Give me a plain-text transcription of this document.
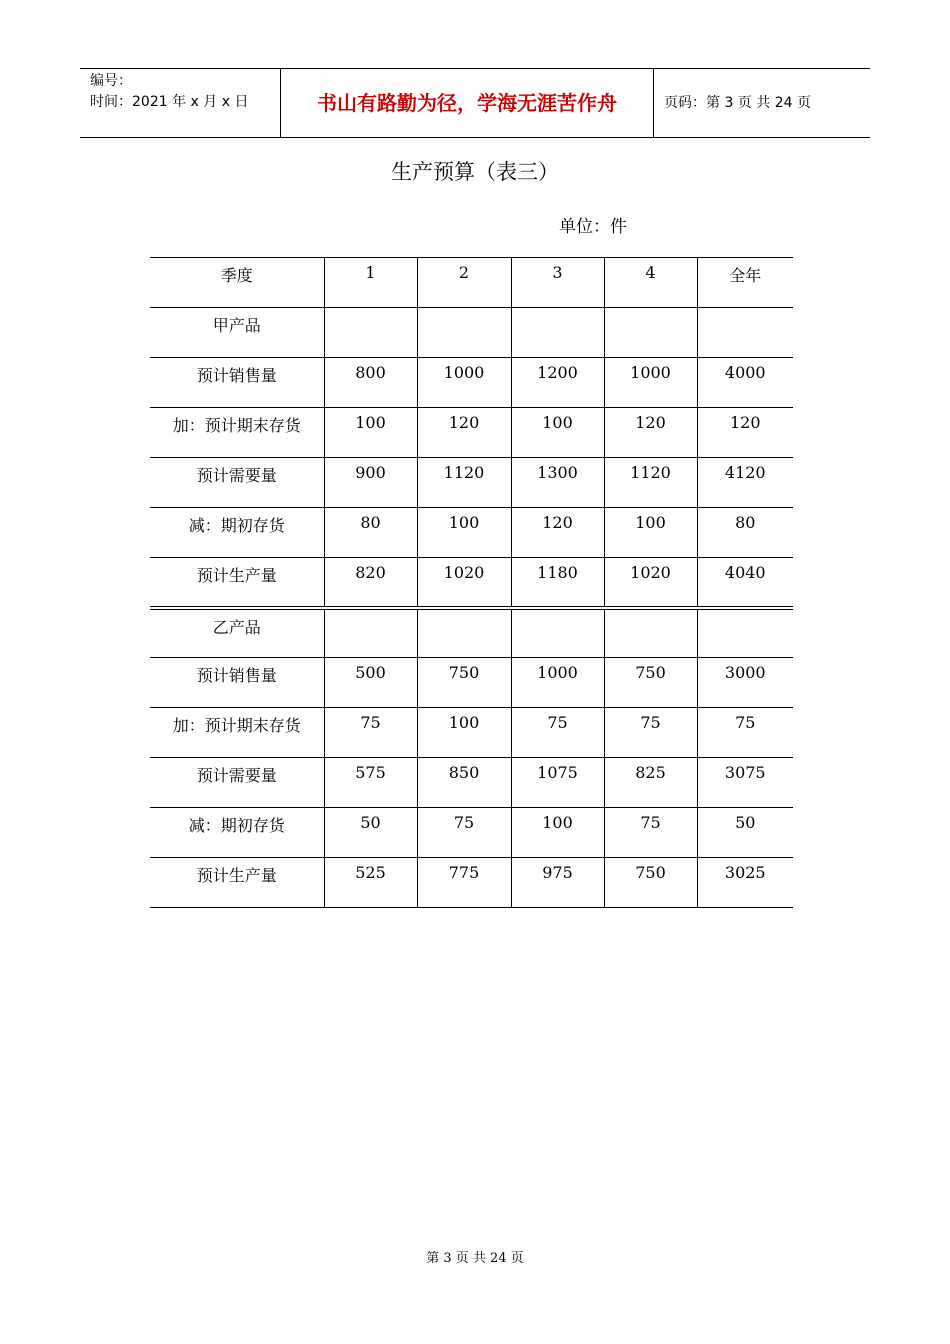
编号：
时间：2021 年 x 月 x 日	书山有路勤为径，学海无涯苦作舟	页码：第 3 页 共 24 页
生产预算（表三）
单位：件
季度	1	2	3	4	全年
甲产品					
预计销售量	800	1000	1200	1000	4000
加：预计期末存货	100	120	100	120	120
预计需要量	900	1120	1300	1120	4120
减：期初存货	80	100	120	100	80
预计生产量	820	1020	1180	1020	4040
乙产品					
预计销售量	500	750	1000	750	3000
加：预计期末存货	75	100	75	75	75
预计需要量	575	850	1075	825	3075
减：期初存货	50	75	100	75	50
预计生产量	525	775	975	750	3025
第 3 页 共 24 页
